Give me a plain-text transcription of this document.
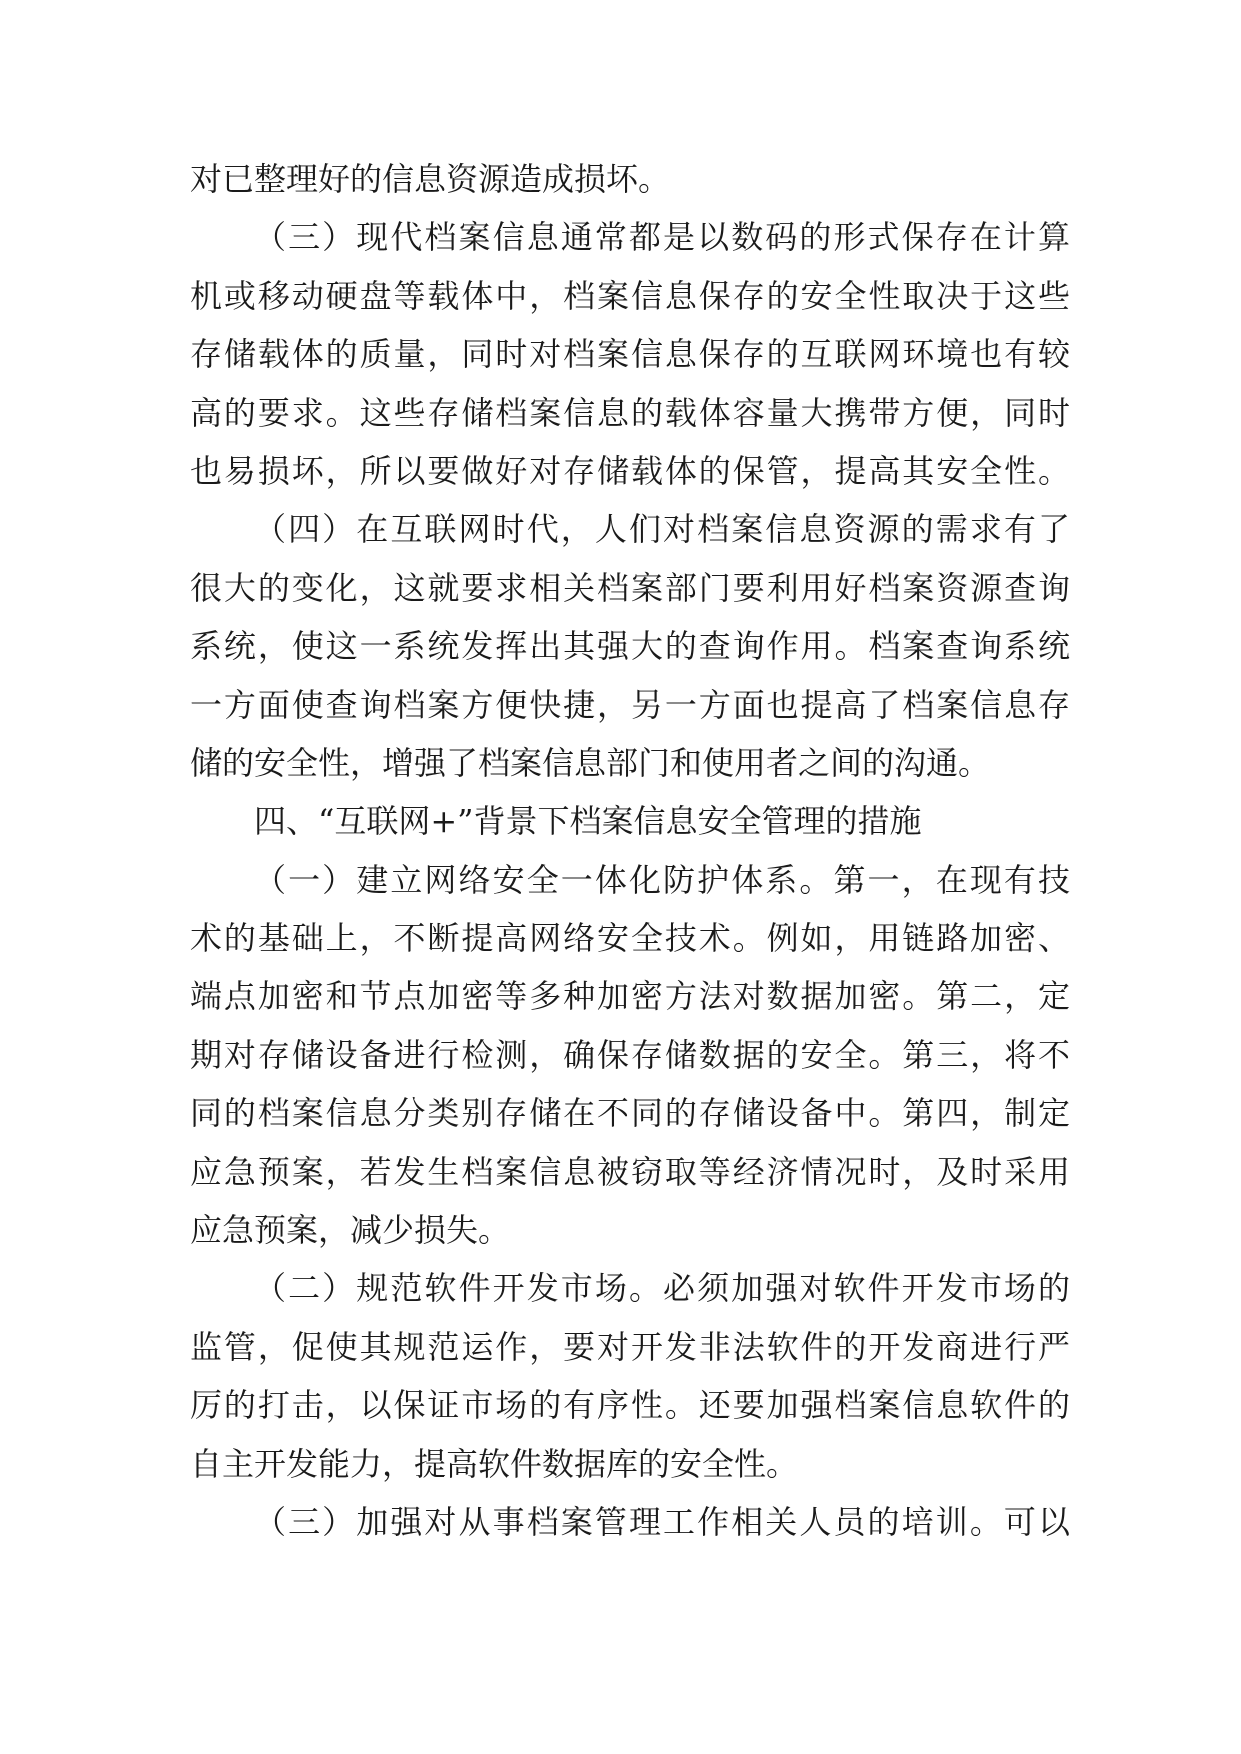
对已整理好的信息资源造成损坏。
（三）现代档案信息通常都是以数码的形式保存在计算
机或移动硬盘等载体中，档案信息保存的安全性取决于这些
存储载体的质量，同时对档案信息保存的互联网环境也有较
高的要求。这些存储档案信息的载体容量大携带方便，同时
也易损坏，所以要做好对存储载体的保管，提高其安全性。
（四）在互联网时代，人们对档案信息资源的需求有了
很大的变化，这就要求相关档案部门要利用好档案资源查询
系统，使这一系统发挥出其强大的查询作用。档案查询系统
一方面使查询档案方便快捷，另一方面也提高了档案信息存
储的安全性，增强了档案信息部门和使用者之间的沟通。
四、“互联网+”背景下档案信息安全管理的措施
（一）建立网络安全一体化防护体系。第一，在现有技
术的基础上，不断提高网络安全技术。例如，用链路加密、
端点加密和节点加密等多种加密方法对数据加密。第二，定
期对存储设备进行检测，确保存储数据的安全。第三，将不
同的档案信息分类别存储在不同的存储设备中。第四，制定
应急预案，若发生档案信息被窃取等经济情况时，及时采用
应急预案，减少损失。
（二）规范软件开发市场。必须加强对软件开发市场的
监管，促使其规范运作，要对开发非法软件的开发商进行严
厉的打击，以保证市场的有序性。还要加强档案信息软件的
自主开发能力，提高软件数据库的安全性。
（三）加强对从事档案管理工作相关人员的培训。可以
